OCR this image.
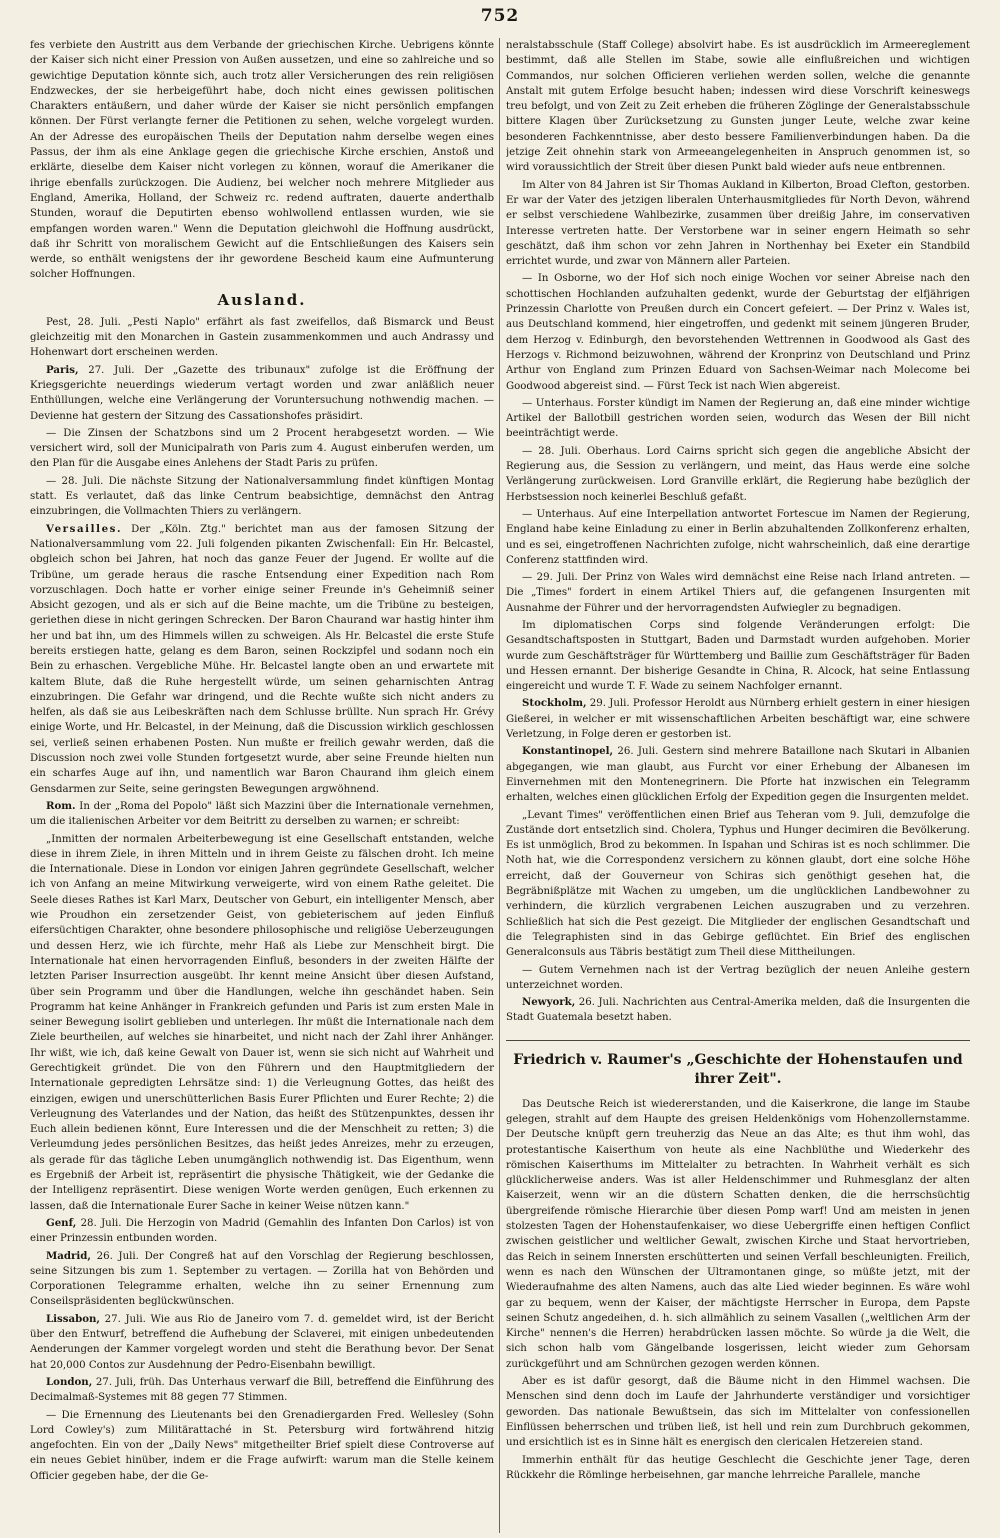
752

fes verbiete den Austritt aus dem Verbande der griechischen Kirche. Uebrigens könnte der Kaiser sich nicht einer Pression von Außen aussetzen, und eine so zahlreiche und so gewichtige Deputation könnte sich, auch trotz aller Versicherungen des rein religiösen Endzweckes, der sie herbeigeführt habe, doch nicht eines gewissen politischen Charakters entäußern, und daher würde der Kaiser sie nicht persönlich empfangen können. Der Fürst verlangte ferner die Petitionen zu sehen, welche vorgelegt wurden. An der Adresse des europäischen Theils der Deputation nahm derselbe wegen eines Passus, der ihm als eine Anklage gegen die griechische Kirche erschien, Anstoß und erklärte, dieselbe dem Kaiser nicht vorlegen zu können, worauf die Amerikaner die ihrige ebenfalls zurückzogen. Die Audienz, bei welcher noch mehrere Mitglieder aus England, Amerika, Holland, der Schweiz rc. redend auftraten, dauerte anderthalb Stunden, worauf die Deputirten ebenso wohlwollend entlassen wurden, wie sie empfangen worden waren." Wenn die Deputation gleichwohl die Hoffnung ausdrückt, daß ihr Schritt von moralischem Gewicht auf die Entschließungen des Kaisers sein werde, so enthält wenigstens der ihr gewordene Bescheid kaum eine Aufmunterung solcher Hoffnungen.

Ausland.

Pest, 28. Juli. „Pesti Naplo" erfährt als fast zweifellos, daß Bismarck und Beust gleichzeitig mit den Monarchen in Gastein zusammenkommen und auch Andrassy und Hohenwart dort erscheinen werden.

Paris, 27. Juli. Der „Gazette des tribunaux" zufolge ist die Eröffnung der Kriegsgerichte neuerdings wiederum vertagt worden und zwar anläßlich neuer Enthüllungen, welche eine Verlängerung der Voruntersuchung nothwendig machen. — Devienne hat gestern der Sitzung des Cassationshofes präsidirt.

— Die Zinsen der Schatzbons sind um 2 Procent herabgesetzt worden. — Wie versichert wird, soll der Municipalrath von Paris zum 4. August einberufen werden, um den Plan für die Ausgabe eines Anlehens der Stadt Paris zu prüfen.

— 28. Juli. Die nächste Sitzung der Nationalversammlung findet künftigen Montag statt. Es verlautet, daß das linke Centrum beabsichtige, demnächst den Antrag einzubringen, die Vollmachten Thiers zu verlängern.

Versailles. Der „Köln. Ztg." berichtet man aus der famosen Sitzung der Nationalversammlung vom 22. Juli folgenden pikanten Zwischenfall: Ein Hr. Belcastel, obgleich schon bei Jahren, hat noch das ganze Feuer der Jugend. Er wollte auf die Tribüne, um gerade heraus die rasche Entsendung einer Expedition nach Rom vorzuschlagen. Doch hatte er vorher einige seiner Freunde in's Geheimniß seiner Absicht gezogen, und als er sich auf die Beine machte, um die Tribüne zu besteigen, geriethen diese in nicht geringen Schrecken. Der Baron Chaurand war hastig hinter ihm her und bat ihn, um des Himmels willen zu schweigen. Als Hr. Belcastel die erste Stufe bereits erstiegen hatte, gelang es dem Baron, seinen Rockzipfel und sodann noch ein Bein zu erhaschen. Vergebliche Mühe. Hr. Belcastel langte oben an und erwartete mit kaltem Blute, daß die Ruhe hergestellt würde, um seinen geharnischten Antrag einzubringen. Die Gefahr war dringend, und die Rechte wußte sich nicht anders zu helfen, als daß sie aus Leibeskräften nach dem Schlusse brüllte. Nun sprach Hr. Grévy einige Worte, und Hr. Belcastel, in der Meinung, daß die Discussion wirklich geschlossen sei, verließ seinen erhabenen Posten. Nun mußte er freilich gewahr werden, daß die Discussion noch zwei volle Stunden fortgesetzt wurde, aber seine Freunde hielten nun ein scharfes Auge auf ihn, und namentlich war Baron Chaurand ihm gleich einem Gensdarmen zur Seite, seine geringsten Bewegungen argwöhnend.

Rom. In der „Roma del Popolo" läßt sich Mazzini über die Internationale vernehmen, um die italienischen Arbeiter vor dem Beitritt zu derselben zu warnen; er schreibt:

„Inmitten der normalen Arbeiterbewegung ist eine Gesellschaft entstanden, welche diese in ihrem Ziele, in ihren Mitteln und in ihrem Geiste zu fälschen droht. Ich meine die Internationale. Diese in London vor einigen Jahren gegründete Gesellschaft, welcher ich von Anfang an meine Mitwirkung verweigerte, wird von einem Rathe geleitet. Die Seele dieses Rathes ist Karl Marx, Deutscher von Geburt, ein intelligenter Mensch, aber wie Proudhon ein zersetzender Geist, von gebieterischem auf jeden Einfluß eifersüchtigen Charakter, ohne besondere philosophische und religiöse Ueberzeugungen und dessen Herz, wie ich fürchte, mehr Haß als Liebe zur Menschheit birgt. Die Internationale hat einen hervorragenden Einfluß, besonders in der zweiten Hälfte der letzten Pariser Insurrection ausgeübt. Ihr kennt meine Ansicht über diesen Aufstand, über sein Programm und über die Handlungen, welche ihn geschändet haben. Sein Programm hat keine Anhänger in Frankreich gefunden und Paris ist zum ersten Male in seiner Bewegung isolirt geblieben und unterlegen. Ihr müßt die Internationale nach dem Ziele beurtheilen, auf welches sie hinarbeitet, und nicht nach der Zahl ihrer Anhänger. Ihr wißt, wie ich, daß keine Gewalt von Dauer ist, wenn sie sich nicht auf Wahrheit und Gerechtigkeit gründet. Die von den Führern und den Hauptmitgliedern der Internationale gepredigten Lehrsätze sind: 1) die Verleugnung Gottes, das heißt des einzigen, ewigen und unerschütterlichen Basis Eurer Pflichten und Eurer Rechte; 2) die Verleugnung des Vaterlandes und der Nation, das heißt des Stützenpunktes, dessen ihr Euch allein bedienen könnt, Eure Interessen und die der Menschheit zu retten; 3) die Verleumdung jedes persönlichen Besitzes, das heißt jedes Anreizes, mehr zu erzeugen, als gerade für das tägliche Leben unumgänglich nothwendig ist. Das Eigenthum, wenn es Ergebniß der Arbeit ist, repräsentirt die physische Thätigkeit, wie der Gedanke die der Intelligenz repräsentirt. Diese wenigen Worte werden genügen, Euch erkennen zu lassen, daß die Internationale Eurer Sache in keiner Weise nützen kann."

Genf, 28. Juli. Die Herzogin von Madrid (Gemahlin des Infanten Don Carlos) ist von einer Prinzessin entbunden worden.

Madrid, 26. Juli. Der Congreß hat auf den Vorschlag der Regierung beschlossen, seine Sitzungen bis zum 1. September zu vertagen. — Zorilla hat von Behörden und Corporationen Telegramme erhalten, welche ihn zu seiner Ernennung zum Conseilspräsidenten beglückwünschen.

Lissabon, 27. Juli. Wie aus Rio de Janeiro vom 7. d. gemeldet wird, ist der Bericht über den Entwurf, betreffend die Aufhebung der Sclaverei, mit einigen unbedeutenden Aenderungen der Kammer vorgelegt worden und steht die Berathung bevor. Der Senat hat 20,000 Contos zur Ausdehnung der Pedro-Eisenbahn bewilligt.

London, 27. Juli, früh. Das Unterhaus verwarf die Bill, betreffend die Einführung des Decimalmaß-Systemes mit 88 gegen 77 Stimmen.

— Die Ernennung des Lieutenants bei den Grenadiergarden Fred. Wellesley (Sohn Lord Cowley's) zum Militärattaché in St. Petersburg wird fortwährend hitzig angefochten. Ein von der „Daily News" mitgetheilter Brief spielt diese Controverse auf ein neues Gebiet hinüber, indem er die Frage aufwirft: warum man die Stelle keinem Officier gegeben habe, der die Ge-

neralstabsschule (Staff College) absolvirt habe. Es ist ausdrücklich im Armeereglement bestimmt, daß alle Stellen im Stabe, sowie alle einflußreichen und wichtigen Commandos, nur solchen Officieren verliehen werden sollen, welche die genannte Anstalt mit gutem Erfolge besucht haben; indessen wird diese Vorschrift keineswegs treu befolgt, und von Zeit zu Zeit erheben die früheren Zöglinge der Generalstabsschule bittere Klagen über Zurücksetzung zu Gunsten junger Leute, welche zwar keine besonderen Fachkenntnisse, aber desto bessere Familienverbindungen haben. Da die jetzige Zeit ohnehin stark von Armeeangelegenheiten in Anspruch genommen ist, so wird voraussichtlich der Streit über diesen Punkt bald wieder aufs neue entbrennen.

Im Alter von 84 Jahren ist Sir Thomas Aukland in Kilberton, Broad Clefton, gestorben. Er war der Vater des jetzigen liberalen Unterhausmitgliedes für North Devon, während er selbst verschiedene Wahlbezirke, zusammen über dreißig Jahre, im conservativen Interesse vertreten hatte. Der Verstorbene war in seiner engern Heimath so sehr geschätzt, daß ihm schon vor zehn Jahren in Northenhay bei Exeter ein Standbild errichtet wurde, und zwar von Männern aller Parteien.

— In Osborne, wo der Hof sich noch einige Wochen vor seiner Abreise nach den schottischen Hochlanden aufzuhalten gedenkt, wurde der Geburtstag der elfjährigen Prinzessin Charlotte von Preußen durch ein Concert gefeiert. — Der Prinz v. Wales ist, aus Deutschland kommend, hier eingetroffen, und gedenkt mit seinem jüngeren Bruder, dem Herzog v. Edinburgh, den bevorstehenden Wettrennen in Goodwood als Gast des Herzogs v. Richmond beizuwohnen, während der Kronprinz von Deutschland und Prinz Arthur von England zum Prinzen Eduard von Sachsen-Weimar nach Molecome bei Goodwood abgereist sind. — Fürst Teck ist nach Wien abgereist.

— Unterhaus. Forster kündigt im Namen der Regierung an, daß eine minder wichtige Artikel der Ballotbill gestrichen worden seien, wodurch das Wesen der Bill nicht beeinträchtigt werde.

— 28. Juli. Oberhaus. Lord Cairns spricht sich gegen die angebliche Absicht der Regierung aus, die Session zu verlängern, und meint, das Haus werde eine solche Verlängerung zurückweisen. Lord Granville erklärt, die Regierung habe bezüglich der Herbstsession noch keinerlei Beschluß gefaßt.

— Unterhaus. Auf eine Interpellation antwortet Fortescue im Namen der Regierung, England habe keine Einladung zu einer in Berlin abzuhaltenden Zollkonferenz erhalten, und es sei, eingetroffenen Nachrichten zufolge, nicht wahrscheinlich, daß eine derartige Conferenz stattfinden wird.

— 29. Juli. Der Prinz von Wales wird demnächst eine Reise nach Irland antreten. — Die „Times" fordert in einem Artikel Thiers auf, die gefangenen Insurgenten mit Ausnahme der Führer und der hervorragendsten Aufwiegler zu begnadigen.

Im diplomatischen Corps sind folgende Veränderungen erfolgt: Die Gesandtschaftsposten in Stuttgart, Baden und Darmstadt wurden aufgehoben. Morier wurde zum Geschäftsträger für Württemberg und Baillie zum Geschäftsträger für Baden und Hessen ernannt. Der bisherige Gesandte in China, R. Alcock, hat seine Entlassung eingereicht und wurde T. F. Wade zu seinem Nachfolger ernannt.

Stockholm, 29. Juli. Professor Heroldt aus Nürnberg erhielt gestern in einer hiesigen Gießerei, in welcher er mit wissenschaftlichen Arbeiten beschäftigt war, eine schwere Verletzung, in Folge deren er gestorben ist.

Konstantinopel, 26. Juli. Gestern sind mehrere Bataillone nach Skutari in Albanien abgegangen, wie man glaubt, aus Furcht vor einer Erhebung der Albanesen im Einvernehmen mit den Montenegrinern. Die Pforte hat inzwischen ein Telegramm erhalten, welches einen glücklichen Erfolg der Expedition gegen die Insurgenten meldet.

„Levant Times" veröffentlichen einen Brief aus Teheran vom 9. Juli, demzufolge die Zustände dort entsetzlich sind. Cholera, Typhus und Hunger decimiren die Bevölkerung. Es ist unmöglich, Brod zu bekommen. In Ispahan und Schiras ist es noch schlimmer. Die Noth hat, wie die Correspondenz versichern zu können glaubt, dort eine solche Höhe erreicht, daß der Gouverneur von Schiras sich genöthigt gesehen hat, die Begräbnißplätze mit Wachen zu umgeben, um die unglücklichen Landbewohner zu verhindern, die kürzlich vergrabenen Leichen auszugraben und zu verzehren. Schließlich hat sich die Pest gezeigt. Die Mitglieder der englischen Gesandtschaft und die Telegraphisten sind in das Gebirge geflüchtet. Ein Brief des englischen Generalconsuls aus Täbris bestätigt zum Theil diese Mittheilungen.

— Gutem Vernehmen nach ist der Vertrag bezüglich der neuen Anleihe gestern unterzeichnet worden.

Newyork, 26. Juli. Nachrichten aus Central-Amerika melden, daß die Insurgenten die Stadt Guatemala besetzt haben.

Friedrich v. Raumer's „Geschichte der Hohenstaufen und ihrer Zeit".

Das Deutsche Reich ist wiedererstanden, und die Kaiserkrone, die lange im Staube gelegen, strahlt auf dem Haupte des greisen Heldenkönigs vom Hohenzollernstamme. Der Deutsche knüpft gern treuherzig das Neue an das Alte; es thut ihm wohl, das protestantische Kaiserthum von heute als eine Nachblüthe und Wiederkehr des römischen Kaiserthums im Mittelalter zu betrachten. In Wahrheit verhält es sich glücklicherweise anders. Was ist aller Heldenschimmer und Ruhmesglanz der alten Kaiserzeit, wenn wir an die düstern Schatten denken, die die herrschsüchtig übergreifende römische Hierarchie über diesen Pomp warf! Und am meisten in jenen stolzesten Tagen der Hohenstaufenkaiser, wo diese Uebergriffe einen heftigen Conflict zwischen geistlicher und weltlicher Gewalt, zwischen Kirche und Staat hervortrieben, das Reich in seinem Innersten erschütterten und seinen Verfall beschleunigten. Freilich, wenn es nach den Wünschen der Ultramontanen ginge, so müßte jetzt, mit der Wiederaufnahme des alten Namens, auch das alte Lied wieder beginnen. Es wäre wohl gar zu bequem, wenn der Kaiser, der mächtigste Herrscher in Europa, dem Papste seinen Schutz angedeihen, d. h. sich allmählich zu seinem Vasallen („weltlichen Arm der Kirche" nennen's die Herren) herabdrücken lassen möchte. So würde ja die Welt, die sich schon halb vom Gängelbande losgerissen, leicht wieder zum Gehorsam zurückgeführt und am Schnürchen gezogen werden können.

Aber es ist dafür gesorgt, daß die Bäume nicht in den Himmel wachsen. Die Menschen sind denn doch im Laufe der Jahrhunderte verständiger und vorsichtiger geworden. Das nationale Bewußtsein, das sich im Mittelalter von confessionellen Einflüssen beherrschen und trüben ließ, ist hell und rein zum Durchbruch gekommen, und ersichtlich ist es in Sinne hält es energisch den clericalen Hetzereien stand.

Immerhin enthält für das heutige Geschlecht die Geschichte jener Tage, deren Rückkehr die Römlinge herbeisehnen, gar manche lehrreiche Parallele, manche
